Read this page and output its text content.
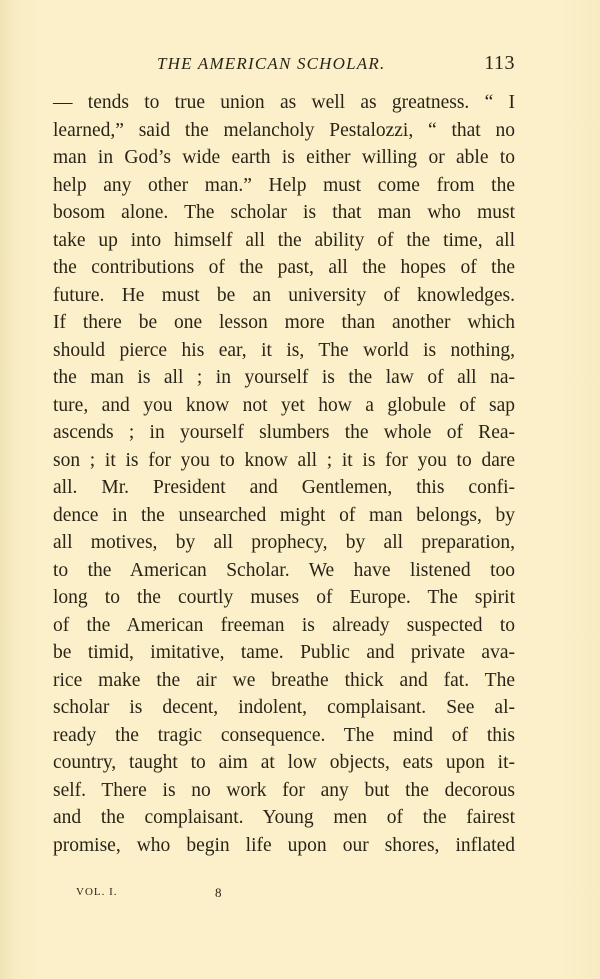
THE AMERICAN SCHOLAR.	113
— tends to true union as well as greatness. “ I
learned,” said the melancholy Pestalozzi, “ that no
man in God’s wide earth is either willing or able to
help any other man.” Help must come from the
bosom alone. The scholar is that man who must
take up into himself all the ability of the time, all
the contributions of the past, all the hopes of the
future. He must be an university of knowledges.
If there be one lesson more than another which
should pierce his ear, it is, The world is nothing,
the man is all ; in yourself is the law of all na-
ture, and you know not yet how a globule of sap
ascends ; in yourself slumbers the whole of Rea-
son ; it is for you to know all ; it is for you to dare
all. Mr. President and Gentlemen, this confi-
dence in the unsearched might of man belongs, by
all motives, by all prophecy, by all preparation,
to the American Scholar. We have listened too
long to the courtly muses of Europe. The spirit
of the American freeman is already suspected to
be timid, imitative, tame. Public and private ava-
rice make the air we breathe thick and fat. The
scholar is decent, indolent, complaisant. See al-
ready the tragic consequence. The mind of this
country, taught to aim at low objects, eats upon it-
self. There is no work for any but the decorous
and the complaisant. Young men of the fairest
promise, who begin life upon our shores, inflated
VOL. I.	8
